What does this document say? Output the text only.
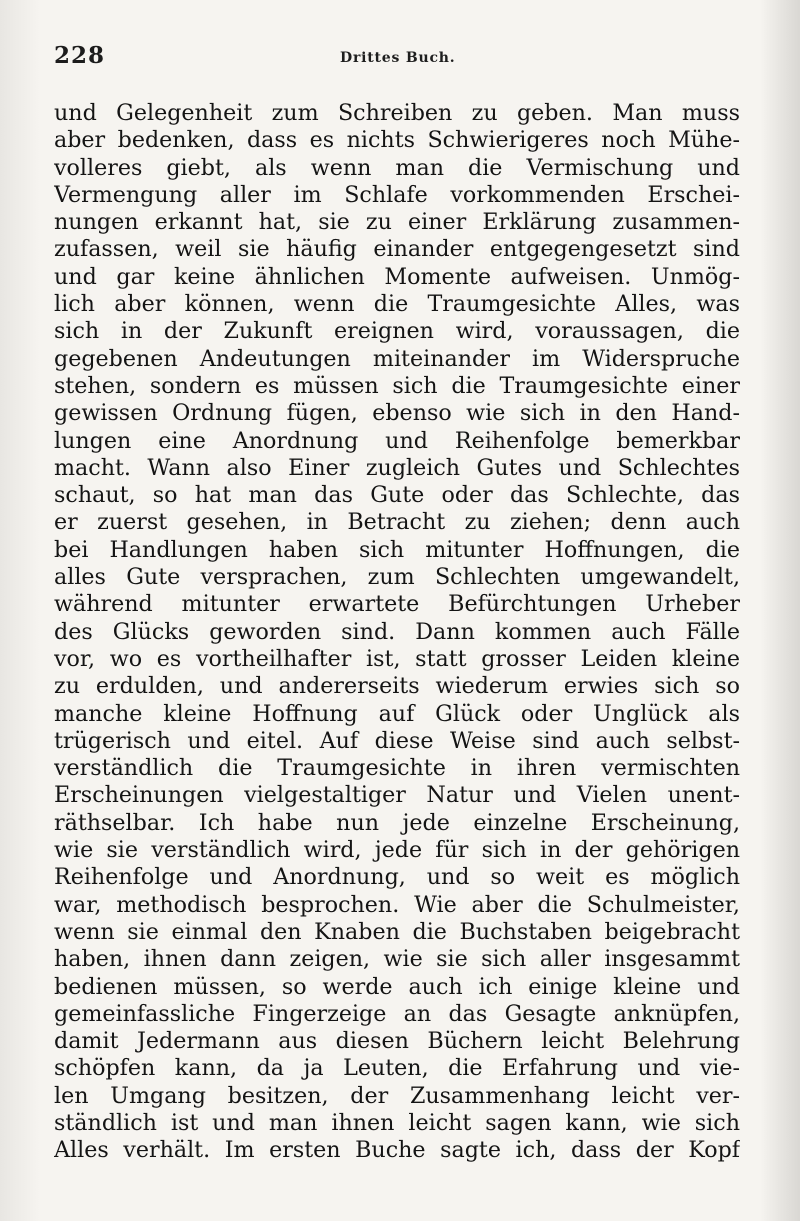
228	Drittes Buch.
und Gelegenheit zum Schreiben zu geben. Man muss
aber bedenken, dass es nichts Schwierigeres noch Mühe-
volleres giebt, als wenn man die Vermischung und
Vermengung aller im Schlafe vorkommenden Erschei-
nungen erkannt hat, sie zu einer Erklärung zusammen-
zufassen, weil sie häufig einander entgegengesetzt sind
und gar keine ähnlichen Momente aufweisen. Unmög-
lich aber können, wenn die Traumgesichte Alles, was
sich in der Zukunft ereignen wird, voraussagen, die
gegebenen Andeutungen miteinander im Widerspruche
stehen, sondern es müssen sich die Traumgesichte einer
gewissen Ordnung fügen, ebenso wie sich in den Hand-
lungen eine Anordnung und Reihenfolge bemerkbar
macht. Wann also Einer zugleich Gutes und Schlechtes
schaut, so hat man das Gute oder das Schlechte, das
er zuerst gesehen, in Betracht zu ziehen; denn auch
bei Handlungen haben sich mitunter Hoffnungen, die
alles Gute versprachen, zum Schlechten umgewandelt,
während mitunter erwartete Befürchtungen Urheber
des Glücks geworden sind. Dann kommen auch Fälle
vor, wo es vortheilhafter ist, statt grosser Leiden kleine
zu erdulden, und andererseits wiederum erwies sich so
manche kleine Hoffnung auf Glück oder Unglück als
trügerisch und eitel. Auf diese Weise sind auch selbst-
verständlich die Traumgesichte in ihren vermischten
Erscheinungen vielgestaltiger Natur und Vielen unent-
räthselbar. Ich habe nun jede einzelne Erscheinung,
wie sie verständlich wird, jede für sich in der gehörigen
Reihenfolge und Anordnung, und so weit es möglich
war, methodisch besprochen. Wie aber die Schulmeister,
wenn sie einmal den Knaben die Buchstaben beigebracht
haben, ihnen dann zeigen, wie sie sich aller insgesammt
bedienen müssen, so werde auch ich einige kleine und
gemeinfassliche Fingerzeige an das Gesagte anknüpfen,
damit Jedermann aus diesen Büchern leicht Belehrung
schöpfen kann, da ja Leuten, die Erfahrung und vie-
len Umgang besitzen, der Zusammenhang leicht ver-
ständlich ist und man ihnen leicht sagen kann, wie sich
Alles verhält. Im ersten Buche sagte ich, dass der Kopf
